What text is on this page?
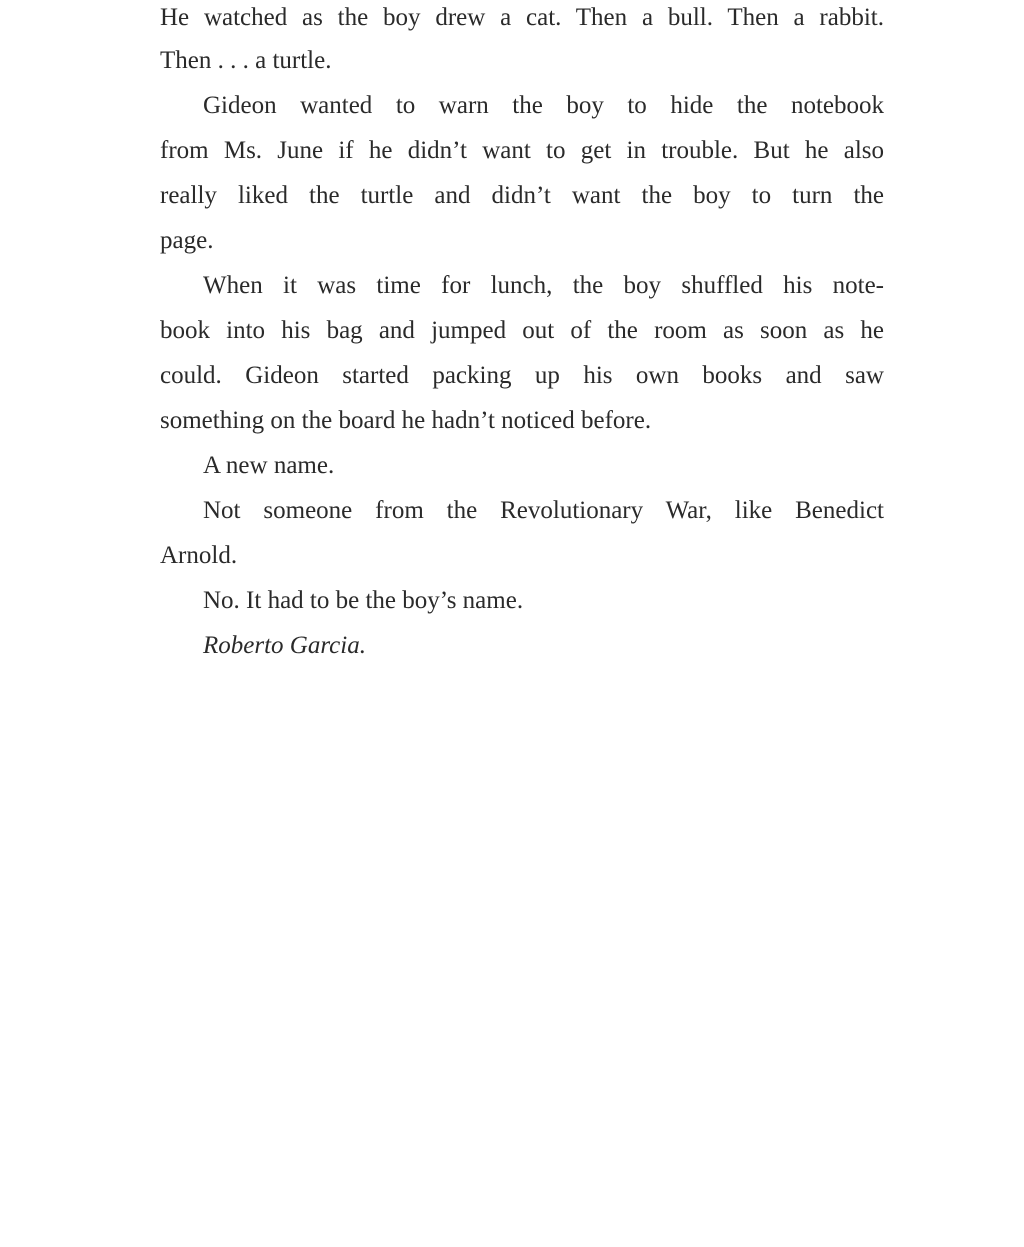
He watched as the boy drew a cat. Then a bull. Then a rabbit.
Then . . . a turtle.
Gideon wanted to warn the boy to hide the notebook
from Ms. June if he didn’t want to get in trouble. But he also
really liked the turtle and didn’t want the boy to turn the
page.
When it was time for lunch, the boy shuffled his note-
book into his bag and jumped out of the room as soon as he
could. Gideon started packing up his own books and saw
something on the board he hadn’t noticed before.
A new name.
Not someone from the Revolutionary War, like Benedict
Arnold.
No. It had to be the boy’s name.
Roberto Garcia.
